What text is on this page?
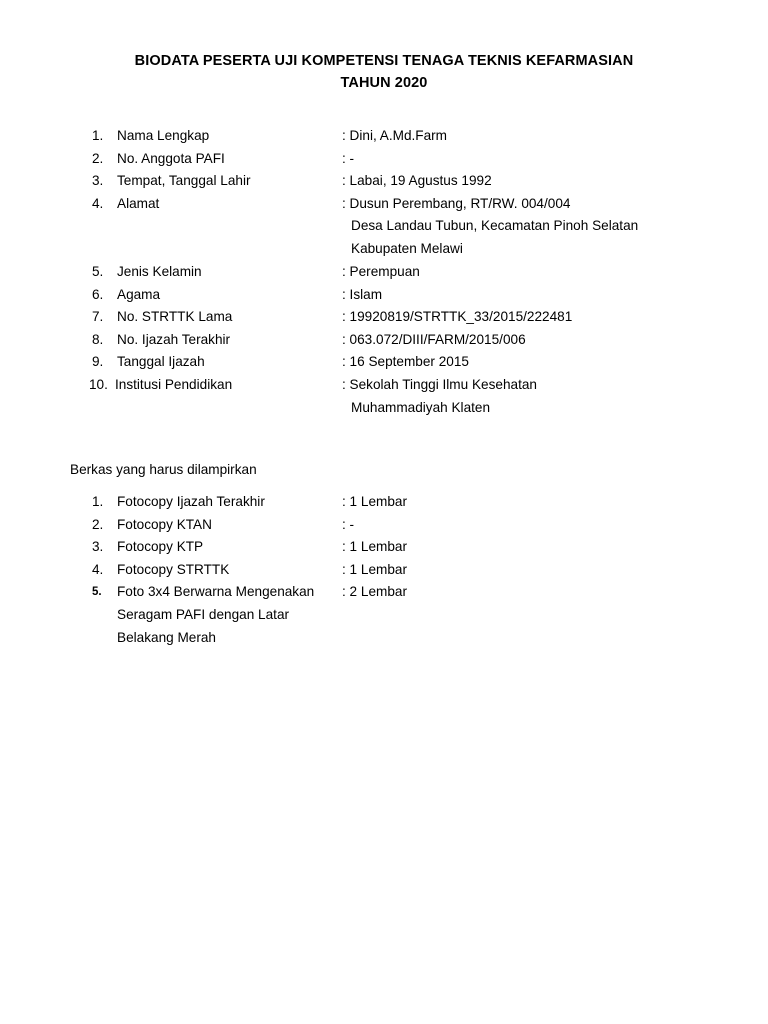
BIODATA PESERTA UJI KOMPETENSI TENAGA TEKNIS KEFARMASIAN
TAHUN 2020
1. Nama Lengkap	: Dini, A.Md.Farm
2. No. Anggota PAFI	: -
3. Tempat, Tanggal Lahir	: Labai, 19 Agustus 1992
4. Alamat	: Dusun Perembang, RT/RW. 004/004
Desa Landau Tubun, Kecamatan Pinoh Selatan
Kabupaten Melawi
5. Jenis Kelamin	: Perempuan
6. Agama	: Islam
7. No. STRTTK Lama	: 19920819/STRTTK_33/2015/222481
8. No. Ijazah Terakhir	: 063.072/DIII/FARM/2015/006
9. Tanggal Ijazah	: 16 September 2015
10. Institusi Pendidikan	: Sekolah Tinggi Ilmu Kesehatan
Muhammadiyah Klaten
Berkas yang harus dilampirkan
1. Fotocopy Ijazah Terakhir	: 1 Lembar
2. Fotocopy KTAN	: -
3. Fotocopy KTP	: 1 Lembar
4. Fotocopy STRTTK	: 1 Lembar
5. Foto 3x4 Berwarna Mengenakan : 2 Lembar
Seragam PAFI dengan Latar
Belakang Merah
